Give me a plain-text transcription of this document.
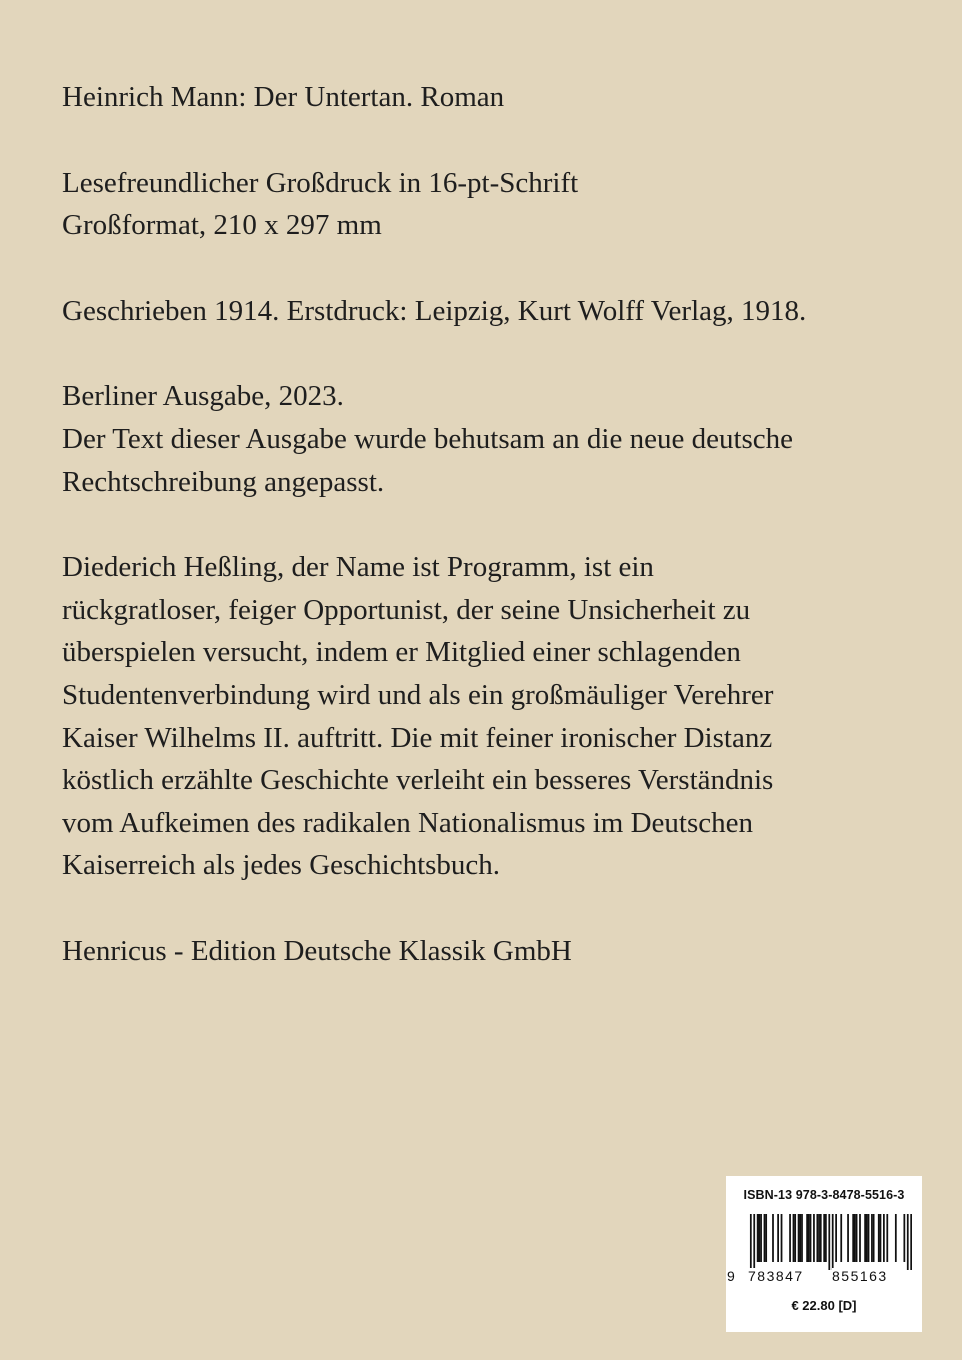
Heinrich Mann: Der Untertan. Roman

Lesefreundlicher Großdruck in 16-pt-Schrift
Großformat, 210 x 297 mm

Geschrieben 1914. Erstdruck: Leipzig, Kurt Wolff Verlag, 1918.

Berliner Ausgabe, 2023.
Der Text dieser Ausgabe wurde behutsam an die neue deutsche
Rechtschreibung angepasst.

Diederich Heßling, der Name ist Programm, ist ein
rückgratloser, feiger Opportunist, der seine Unsicherheit zu
überspielen versucht, indem er Mitglied einer schlagenden
Studentenverbindung wird und als ein großmäuliger Verehrer
Kaiser Wilhelms II. auftritt. Die mit feiner ironischer Distanz
köstlich erzählte Geschichte verleiht ein besseres Verständnis
vom Aufkeimen des radikalen Nationalismus im Deutschen
Kaiserreich als jedes Geschichtsbuch.

Henricus - Edition Deutsche Klassik GmbH

ISBN-13 978-3-8478-5516-3
9 783847 855163
€ 22.80 [D]
